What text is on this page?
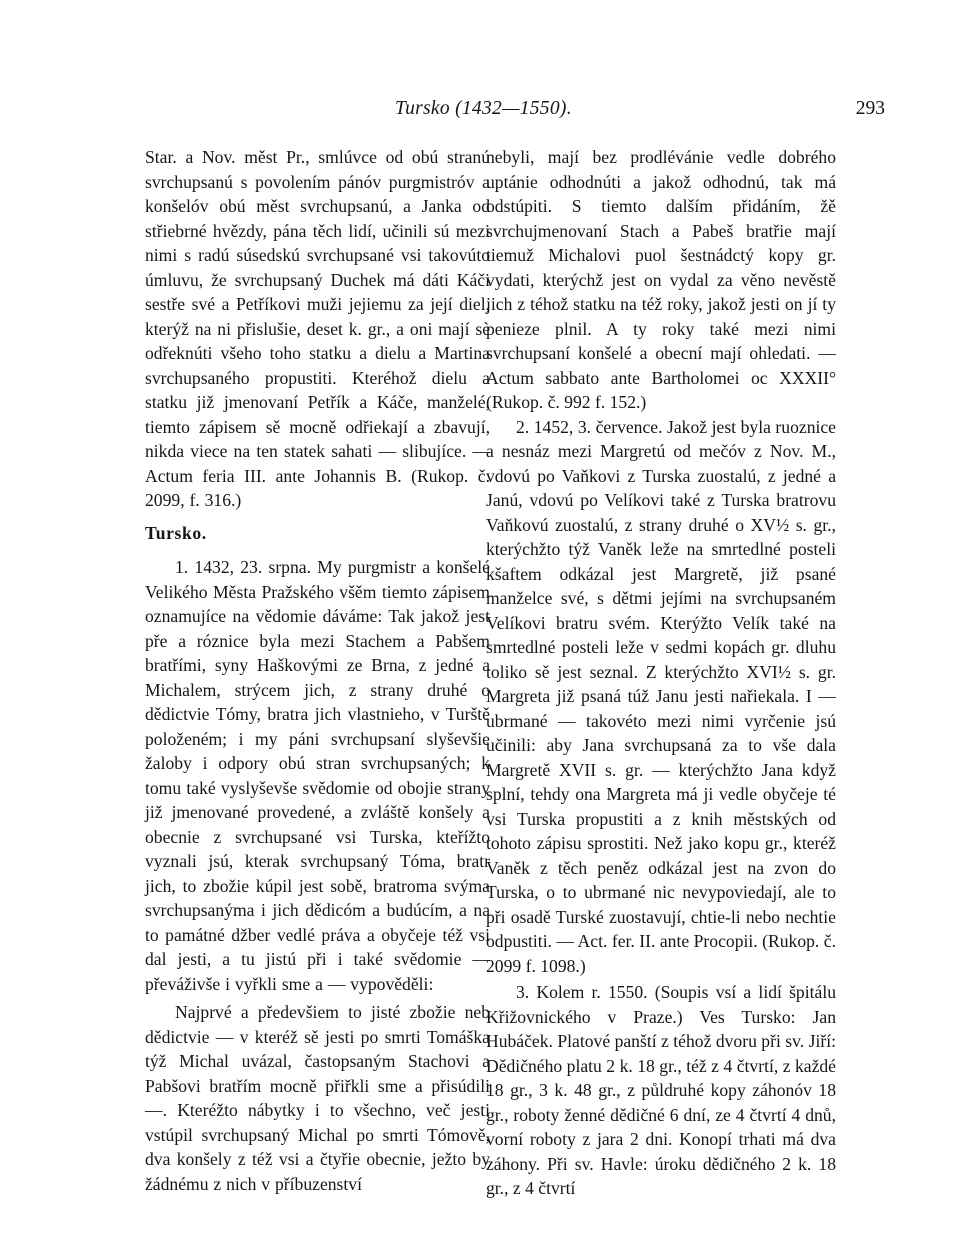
Tursko (1432—1550).	293

Star. a Nov. měst Pr., smlúvce od obú stranú svrchupsanú s povolením pánóv purgmistróv a konšelóv obú měst svrchupsanú, a Janka od střiebrné hvězdy, pána těch lidí, učinili sú mezi nimi s radú súsedskú svrchupsané vsi takovúto úmluvu, že svrchupsaný Duchek má dáti Káči sestře své a Petříkovi muži jejiemu za její diel, kterýž na ni přislušie, deset k. gr., a oni mají sè odřeknúti všeho toho statku a dielu a Martina svrchupsaného propustiti. Kteréhož dielu a statku již jmenovaní Petřík a Káče, manželé, tiemto zápisem sě mocně odřiekají a zbavují, nikda viece na ten statek sahati — slibujíce. — Actum feria III. ante Johannis B. (Rukop. č. 2099, f. 316.)

Tursko.

1. 1432, 23. srpna. My purgmistr a konšelé Velikého Města Pražského všěm tiemto zápisem oznamujíce na vědomie dáváme: Tak jakož jest pře a róznice byla mezi Stachem a Pabšem bratřími, syny Haškovými ze Brna, z jedné a Michalem, strýcem jich, z strany druhé o dědictvie Tómy, bratra jich vlastnieho, v Turště položeném; i my páni svrchupsaní slyševšie žaloby i odpory obú stran svrchupsaných; k tomu také vyslyševše svědomie od obojie strany již jmenované provedené, a zvláště konšely a obecnie z svrchupsané vsi Turska, kteřížto vyznali jsú, kterak svrchupsaný Tóma, bratr jich, to zbožie kúpil jest sobě, bratroma svýma svrchupsanýma i jich dědicóm a budúcím, a na to památné džber vedlé práva a obyčeje též vsi dal jesti, a tu jistú při i také svědomie — převáživše i vyřkli sme a — vypověděli:

Najprvé a předevšiem to jisté zbožie neb dědictvie — v kteréž sě jesti po smrti Tomáška týž Michal uvázal, častopsaným Stachovi a Pabšovi bratřím mocně přiřkli sme a přisúdili —. Kteréžto nábytky i to všechno, več jesti vstúpil svrchupsaný Michal po smrti Tómově, dva konšely z též vsi a čtyřie obecnie, ježto by žádnému z nich v příbuzenství

nebyli, mají bez prodlévánie vedle dobrého uptánie odhodnúti a jakož odhodnú, tak má odstúpiti. S tiemto dalším přidáním, žě svrchujmenovaní Stach a Pabeš bratřie mají tiemuž Michalovi puol šestnádctý kopy gr. vydati, kterýchž jest on vydal za věno nevěstě jich z téhož statku na též roky, jakož jesti on jí ty penieze plnil. A ty roky také mezi nimi svrchupsaní konšelé a obecní mají ohledati. — Actum sabbato ante Bartholomei oc XXXII° (Rukop. č. 992 f. 152.)

2. 1452, 3. července. Jakož jest byla ruoznice a nesnáz mezi Margretú od mečóv z Nov. M., vdovú po Vaňkovi z Turska zuostalú, z jedné a Janú, vdovú po Velíkovi také z Turska bratrovu Vaňkovú zuostalú, z strany druhé o XV½ s. gr., kterýchžto týž Vaněk leže na smrtedlné posteli kšaftem odkázal jest Margretě, již psané manželce své, s dětmi jejími na svrchupsaném Velíkovi bratru svém. Kterýžto Velík také na smrtedlné posteli leže v sedmi kopách gr. dluhu toliko sě jest seznal. Z kterýchžto XVI½ s. gr. Margreta již psaná túž Janu jesti nařiekala. I — ubrmané — takovéto mezi nimi vyrčenie jsú učinili: aby Jana svrchupsaná za to vše dala Margretě XVII s. gr. — kterýchžto Jana když splní, tehdy ona Margreta má ji vedle obyčeje té vsi Turska propustiti a z knih městských od tohoto zápisu sprostiti. Než jako kopu gr., kteréž Vaněk z těch peněz odkázal jest na zvon do Turska, o to ubrmané nic nevypoviedají, ale to při osadě Turské zuostavují, chtie-li nebo nechtie odpustiti. — Act. fer. II. ante Procopii. (Rukop. č. 2099 f. 1098.)

3. Kolem r. 1550. (Soupis vsí a lidí špitálu Křižovnického v Praze.) Ves Tursko: Jan Hubáček. Platové panští z téhož dvoru při sv. Jiří: Dědičného platu 2 k. 18 gr., též z 4 čtvrtí, z každé 18 gr., 3 k. 48 gr., z půldruhé kopy záhonóv 18 gr., roboty ženné dědičné 6 dní, ze 4 čtvrtí 4 dnů, vorní roboty z jara 2 dni. Konopí trhati má dva záhony. Při sv. Havle: úroku dědičného 2 k. 18 gr., z 4 čtvrtí
